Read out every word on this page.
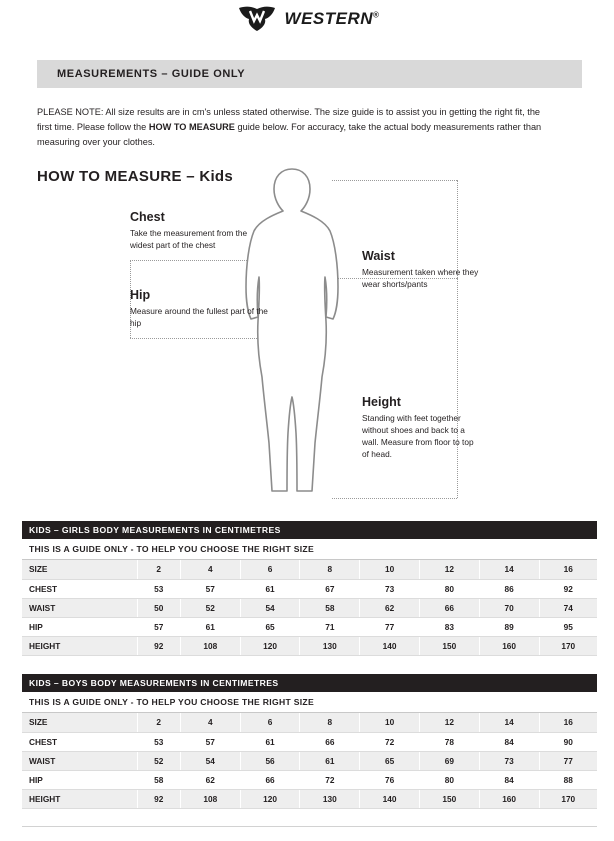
WESTERN®
MEASUREMENTS – GUIDE ONLY
PLEASE NOTE: All size results are in cm's unless stated otherwise. The size guide is to assist you in getting the right fit, the first time. Please follow the HOW TO MEASURE guide below. For accuracy, take the actual body measurements rather than measuring over your clothes.
HOW TO MEASURE – Kids
Chest
Take the measurement from the widest part of the chest
Hip
Measure around the fullest part of the hip
Waist
Measurement taken where they wear shorts/pants
Height
Standing with feet together without shoes and back to a wall. Measure from floor to top of head.
KIDS – GIRLS BODY MEASUREMENTS IN CENTIMETRES
THIS IS A GUIDE ONLY - TO HELP YOU CHOOSE THE RIGHT SIZE
SIZE	2	4	6	8	10	12	14	16
CHEST	53	57	61	67	73	80	86	92
WAIST	50	52	54	58	62	66	70	74
HIP	57	61	65	71	77	83	89	95
HEIGHT	92	108	120	130	140	150	160	170
KIDS – BOYS BODY MEASUREMENTS IN CENTIMETRES
THIS IS A GUIDE ONLY - TO HELP YOU CHOOSE THE RIGHT SIZE
SIZE	2	4	6	8	10	12	14	16
CHEST	53	57	61	66	72	78	84	90
WAIST	52	54	56	61	65	69	73	77
HIP	58	62	66	72	76	80	84	88
HEIGHT	92	108	120	130	140	150	160	170
